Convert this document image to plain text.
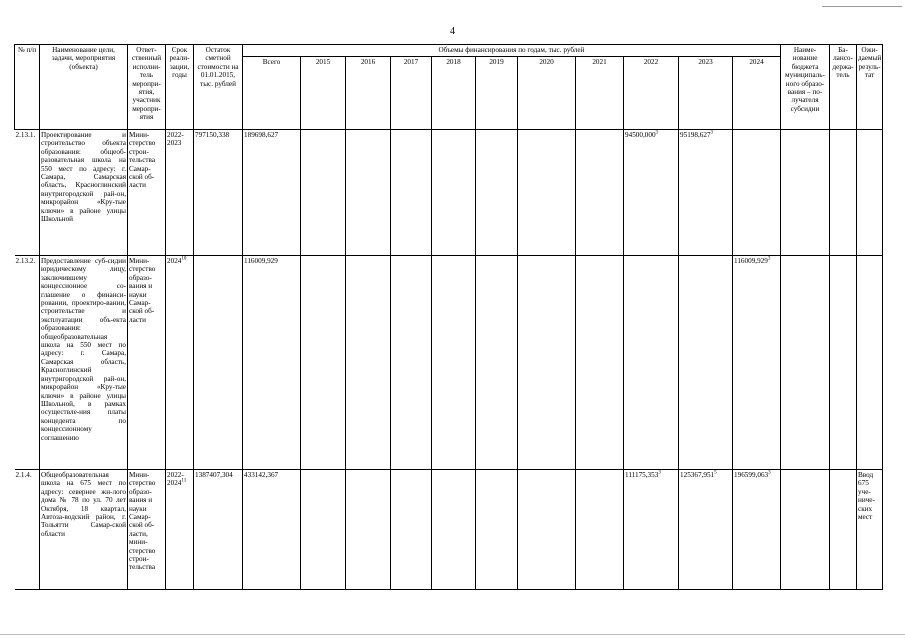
4
№ п/п	Наименование цели, задачи, мероприятия (объекта)	Ответ-ственный исполни-тель меропри-ятия, участник меропри-ятия	Срок реали-зации, годы	Остаток сметной стоимости на 01.01.2015, тыс. рублей	Объемы финансирования по годам, тыс. рублей											Наиме-нование бюджета муниципаль-ного образо-вания – по-лучателя субсидии	Ба-лансо-держа-тель	Ожи-даемый резуль-тат
					Всего	2015	2016	2017	2018	2019	2020	2021	2022	2023	2024			
2.13.1.	Проектирование и строительство объекта образования: общеоб-разовательная школа на 550 мест по адресу: г. Самара, Самарская область, Красноглинский внутригородской рай-он, микрорайон «Кру-тые ключи» в районе улицы Школьной	Мини-стерство строи-тельства Самар-ской об-ласти	2022-2023	797150,338	189698,627								94500,000$^3$	95198,627$^3$				
2.13.2.	Предоставление суб-сидии юридическому лицу, заключившему концессионное со-глашение о финанси-ровании, проектиро-вании, строительстве и эксплуатации объ-екта образования: общеобразовательная школа на 550 мест по адресу: г. Самара, Самарская область, Красноглинский внутригородской рай-он, микрорайон «Кру-тые ключи» в районе улицы Школьной, в рамках осуществле-ния платы концедента по концессионному соглашению	Мини-стерство образо-вания и науки Самар-ской об-ласти	2024$^{10}$		116009,929										116009,929$^3$			
2.1.4.	Общеобразовательная школа на 675 мест по адресу: севернее жи-лого дома № 78 по ул. 70 лет Октября, 18 квартал, Автоза-водский район, г. Тольятти Самар-ской области	Мини-стерство образо-вания и науки Самар-ской об-ласти, мини-стерство строи-тельства	2022-2024$^{11}$	1387407,304	433142,367								111175,353$^3$	125367,951$^5$	196599,063$^3$			Ввод 675 уче-ниче-ских мест
